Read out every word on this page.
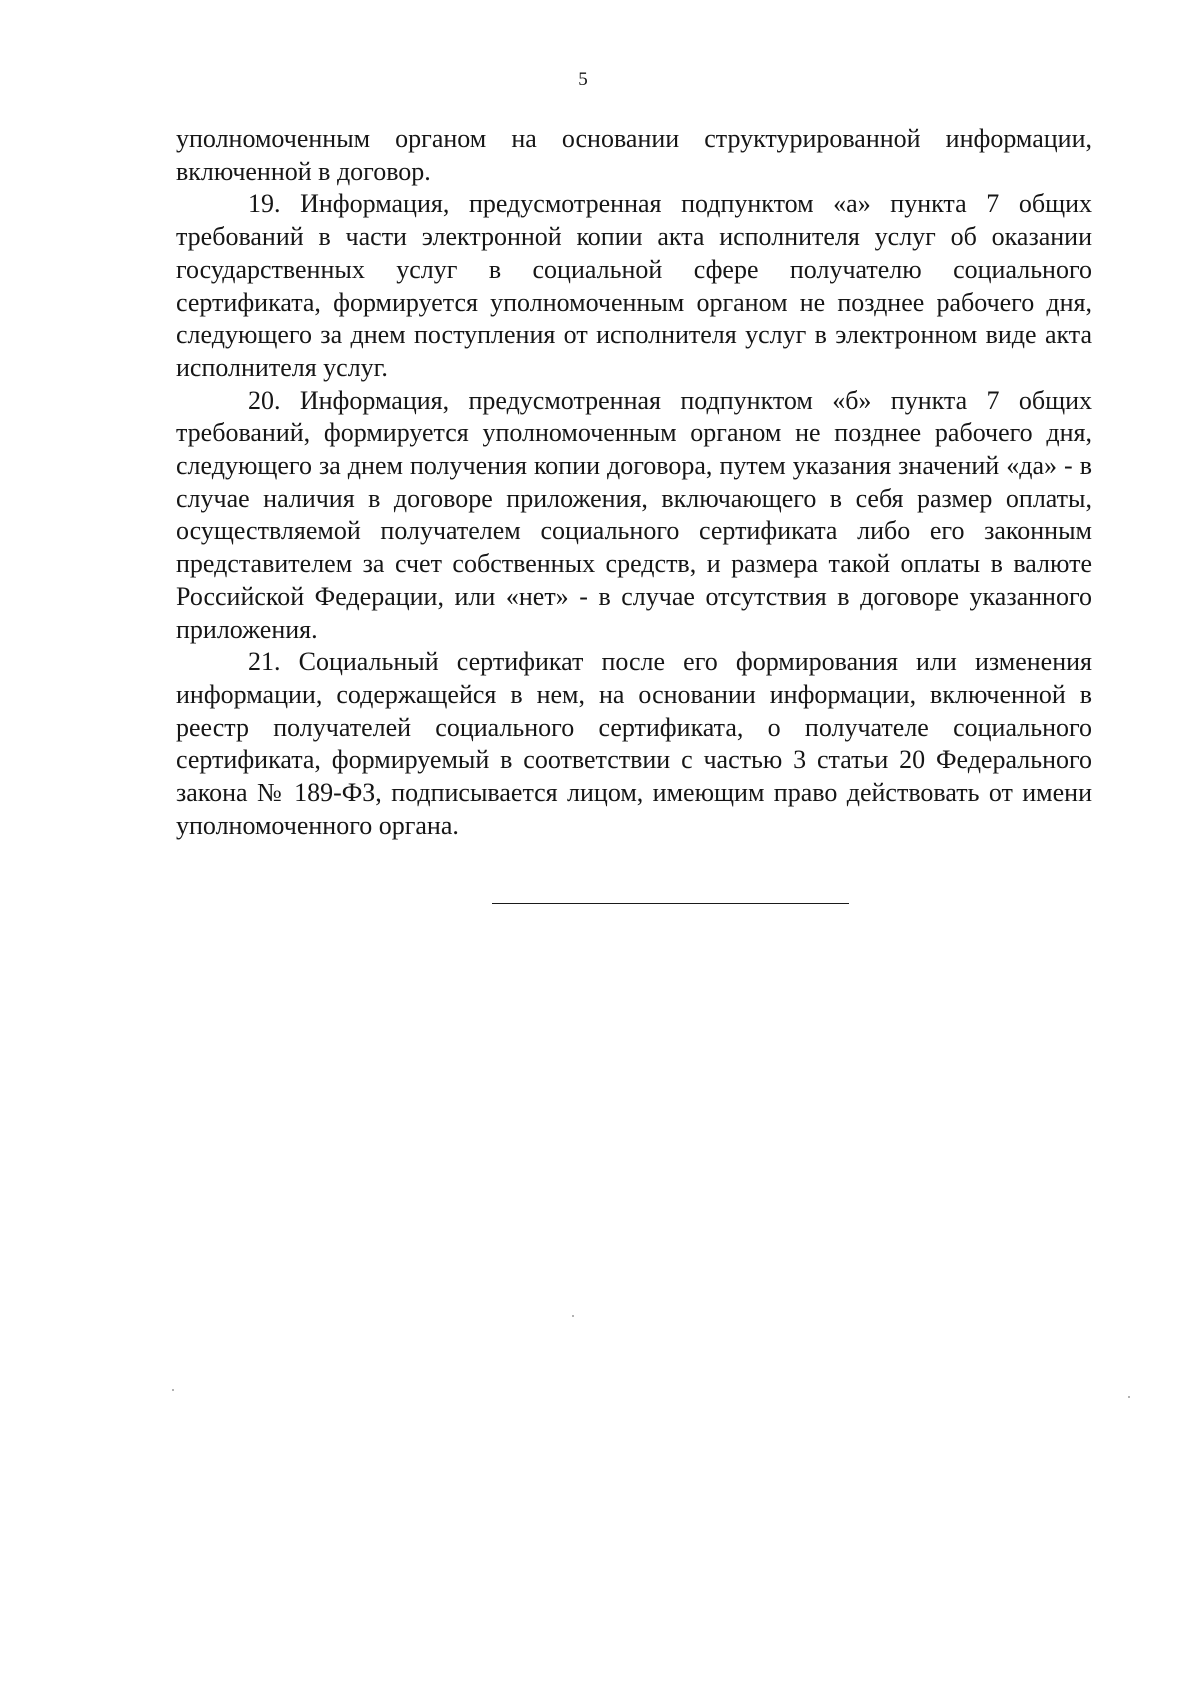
5

уполномоченным органом на основании структурированной информации, включенной в договор.

19. Информация, предусмотренная подпунктом «а» пункта 7 общих требований в части электронной копии акта исполнителя услуг об оказании государственных услуг в социальной сфере получателю социального сертификата, формируется уполномоченным органом не позднее рабочего дня, следующего за днем поступления от исполнителя услуг в электронном виде акта исполнителя услуг.

20. Информация, предусмотренная подпунктом «б» пункта 7 общих требований, формируется уполномоченным органом не позднее рабочего дня, следующего за днем получения копии договора, путем указания значений «да» - в случае наличия в договоре приложения, включающего в себя размер оплаты, осуществляемой получателем социального сертификата либо его законным представителем за счет собственных средств, и размера такой оплаты в валюте Российской Федерации, или «нет» - в случае отсутствия в договоре указанного приложения.

21. Социальный сертификат после его формирования или изменения информации, содержащейся в нем, на основании информации, включенной в реестр получателей социального сертификата, о получателе социального сертификата, формируемый в соответствии с частью 3 статьи 20 Федерального закона № 189-ФЗ, подписывается лицом, имеющим право действовать от имени уполномоченного органа.
